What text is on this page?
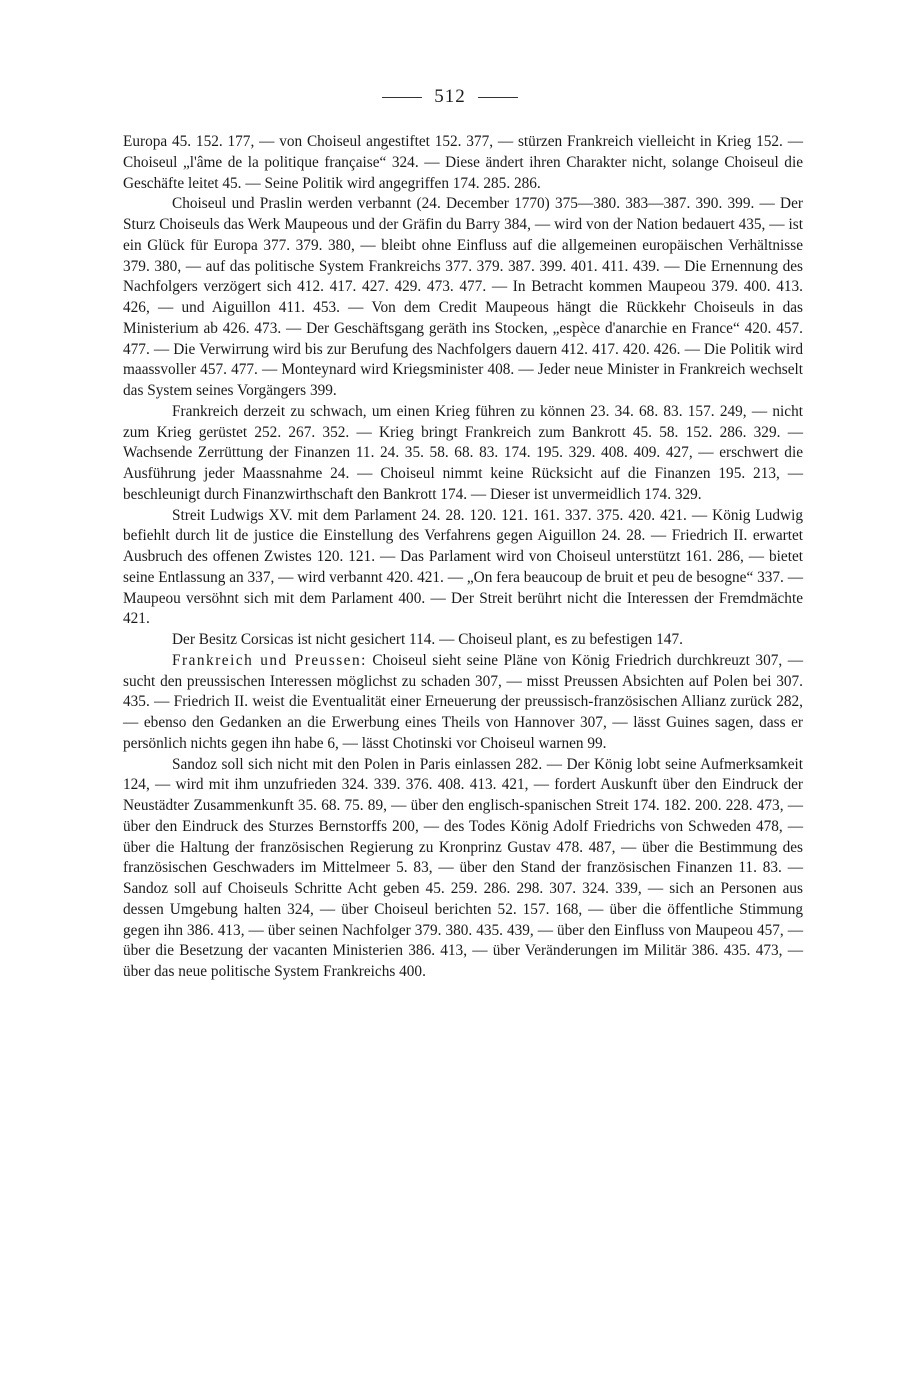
512

Europa 45. 152. 177, — von Choiseul angestiftet 152. 377, — stürzen Frankreich vielleicht in Krieg 152. — Choiseul „l'âme de la politique française“ 324. — Diese ändert ihren Charakter nicht, solange Choiseul die Geschäfte leitet 45. — Seine Politik wird angegriffen 174. 285. 286.

Choiseul und Praslin werden verbannt (24. December 1770) 375—380. 383—387. 390. 399. — Der Sturz Choiseuls das Werk Maupeous und der Gräfin du Barry 384, — wird von der Nation bedauert 435, — ist ein Glück für Europa 377. 379. 380, — bleibt ohne Einfluss auf die allgemeinen europäischen Verhältnisse 379. 380, — auf das politische System Frankreichs 377. 379. 387. 399. 401. 411. 439. — Die Ernennung des Nachfolgers verzögert sich 412. 417. 427. 429. 473. 477. — In Betracht kommen Maupeou 379. 400. 413. 426, — und Aiguillon 411. 453. — Von dem Credit Maupeous hängt die Rückkehr Choiseuls in das Ministerium ab 426. 473. — Der Geschäftsgang geräth ins Stocken, „espèce d'anarchie en France“ 420. 457. 477. — Die Verwirrung wird bis zur Berufung des Nachfolgers dauern 412. 417. 420. 426. — Die Politik wird maassvoller 457. 477. — Monteynard wird Kriegsminister 408. — Jeder neue Minister in Frankreich wechselt das System seines Vorgängers 399.

Frankreich derzeit zu schwach, um einen Krieg führen zu können 23. 34. 68. 83. 157. 249, — nicht zum Krieg gerüstet 252. 267. 352. — Krieg bringt Frankreich zum Bankrott 45. 58. 152. 286. 329. — Wachsende Zerrüttung der Finanzen 11. 24. 35. 58. 68. 83. 174. 195. 329. 408. 409. 427, — erschwert die Ausführung jeder Maassnahme 24. — Choiseul nimmt keine Rücksicht auf die Finanzen 195. 213, — beschleunigt durch Finanzwirthschaft den Bankrott 174. — Dieser ist unvermeidlich 174. 329.

Streit Ludwigs XV. mit dem Parlament 24. 28. 120. 121. 161. 337. 375. 420. 421. — König Ludwig befiehlt durch lit de justice die Einstellung des Verfahrens gegen Aiguillon 24. 28. — Friedrich II. erwartet Ausbruch des offenen Zwistes 120. 121. — Das Parlament wird von Choiseul unterstützt 161. 286, — bietet seine Entlassung an 337, — wird verbannt 420. 421. — „On fera beaucoup de bruit et peu de besogne“ 337. — Maupeou versöhnt sich mit dem Parlament 400. — Der Streit berührt nicht die Interessen der Fremdmächte 421.

Der Besitz Corsicas ist nicht gesichert 114. — Choiseul plant, es zu befestigen 147.

Frankreich und Preussen: Choiseul sieht seine Pläne von König Friedrich durchkreuzt 307, — sucht den preussischen Interessen möglichst zu schaden 307, — misst Preussen Absichten auf Polen bei 307. 435. — Friedrich II. weist die Eventualität einer Erneuerung der preussisch-französischen Allianz zurück 282, — ebenso den Gedanken an die Erwerbung eines Theils von Hannover 307, — lässt Guines sagen, dass er persönlich nichts gegen ihn habe 6, — lässt Chotinski vor Choiseul warnen 99.

Sandoz soll sich nicht mit den Polen in Paris einlassen 282. — Der König lobt seine Aufmerksamkeit 124, — wird mit ihm unzufrieden 324. 339. 376. 408. 413. 421, — fordert Auskunft über den Eindruck der Neustädter Zusammenkunft 35. 68. 75. 89, — über den englisch-spanischen Streit 174. 182. 200. 228. 473, — über den Eindruck des Sturzes Bernstorffs 200, — des Todes König Adolf Friedrichs von Schweden 478, — über die Haltung der französischen Regierung zu Kronprinz Gustav 478. 487, — über die Bestimmung des französischen Geschwaders im Mittelmeer 5. 83, — über den Stand der französischen Finanzen 11. 83. — Sandoz soll auf Choiseuls Schritte Acht geben 45. 259. 286. 298. 307. 324. 339, — sich an Personen aus dessen Umgebung halten 324, — über Choiseul berichten 52. 157. 168, — über die öffentliche Stimmung gegen ihn 386. 413, — über seinen Nachfolger 379. 380. 435. 439, — über den Einfluss von Maupeou 457, — über die Besetzung der vacanten Ministerien 386. 413, — über Veränderungen im Militär 386. 435. 473, — über das neue politische System Frankreichs 400.
